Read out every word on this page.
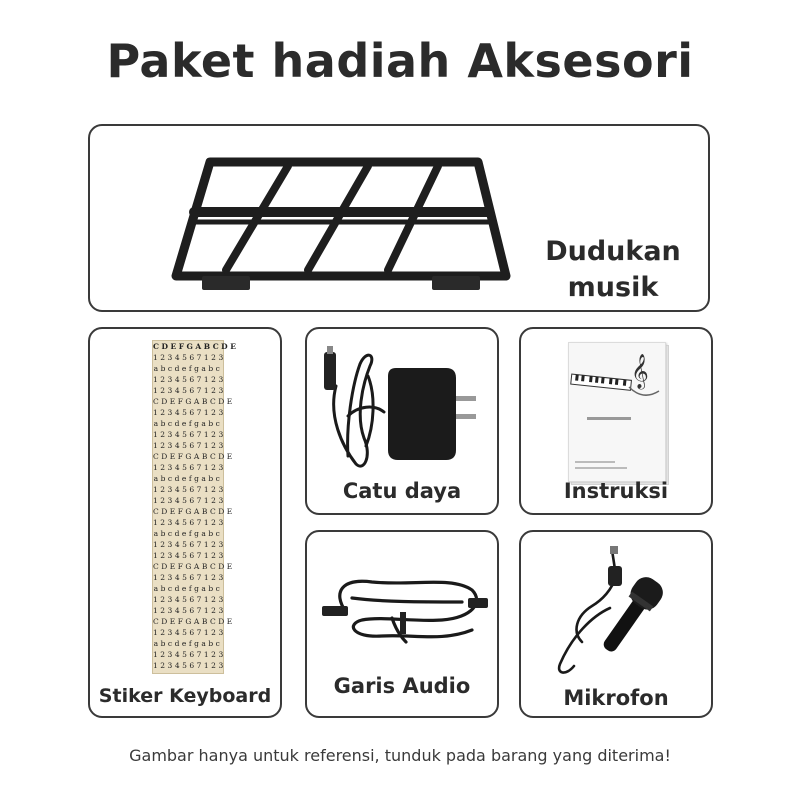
Paket hadiah Aksesori
Dudukan
musik
CDEFGABCDE
1234567123
abcdefgabc
1234567123
1234567123
CDEFGABCDE
1234567123
abcdefgabc
1234567123
1234567123
CDEFGABCDE
1234567123
abcdefgabc
1234567123
1234567123
CDEFGABCDE
1234567123
abcdefgabc
1234567123
1234567123
CDEFGABCDE
1234567123
abcdefgabc
1234567123
1234567123
CDEFGABCDE
1234567123
abcdefgabc
1234567123
1234567123
Stiker Keyboard
Catu daya
𝄞
Instruksi
Garis Audio	Mikrofon
Gambar hanya untuk referensi, tunduk pada barang yang diterima!
